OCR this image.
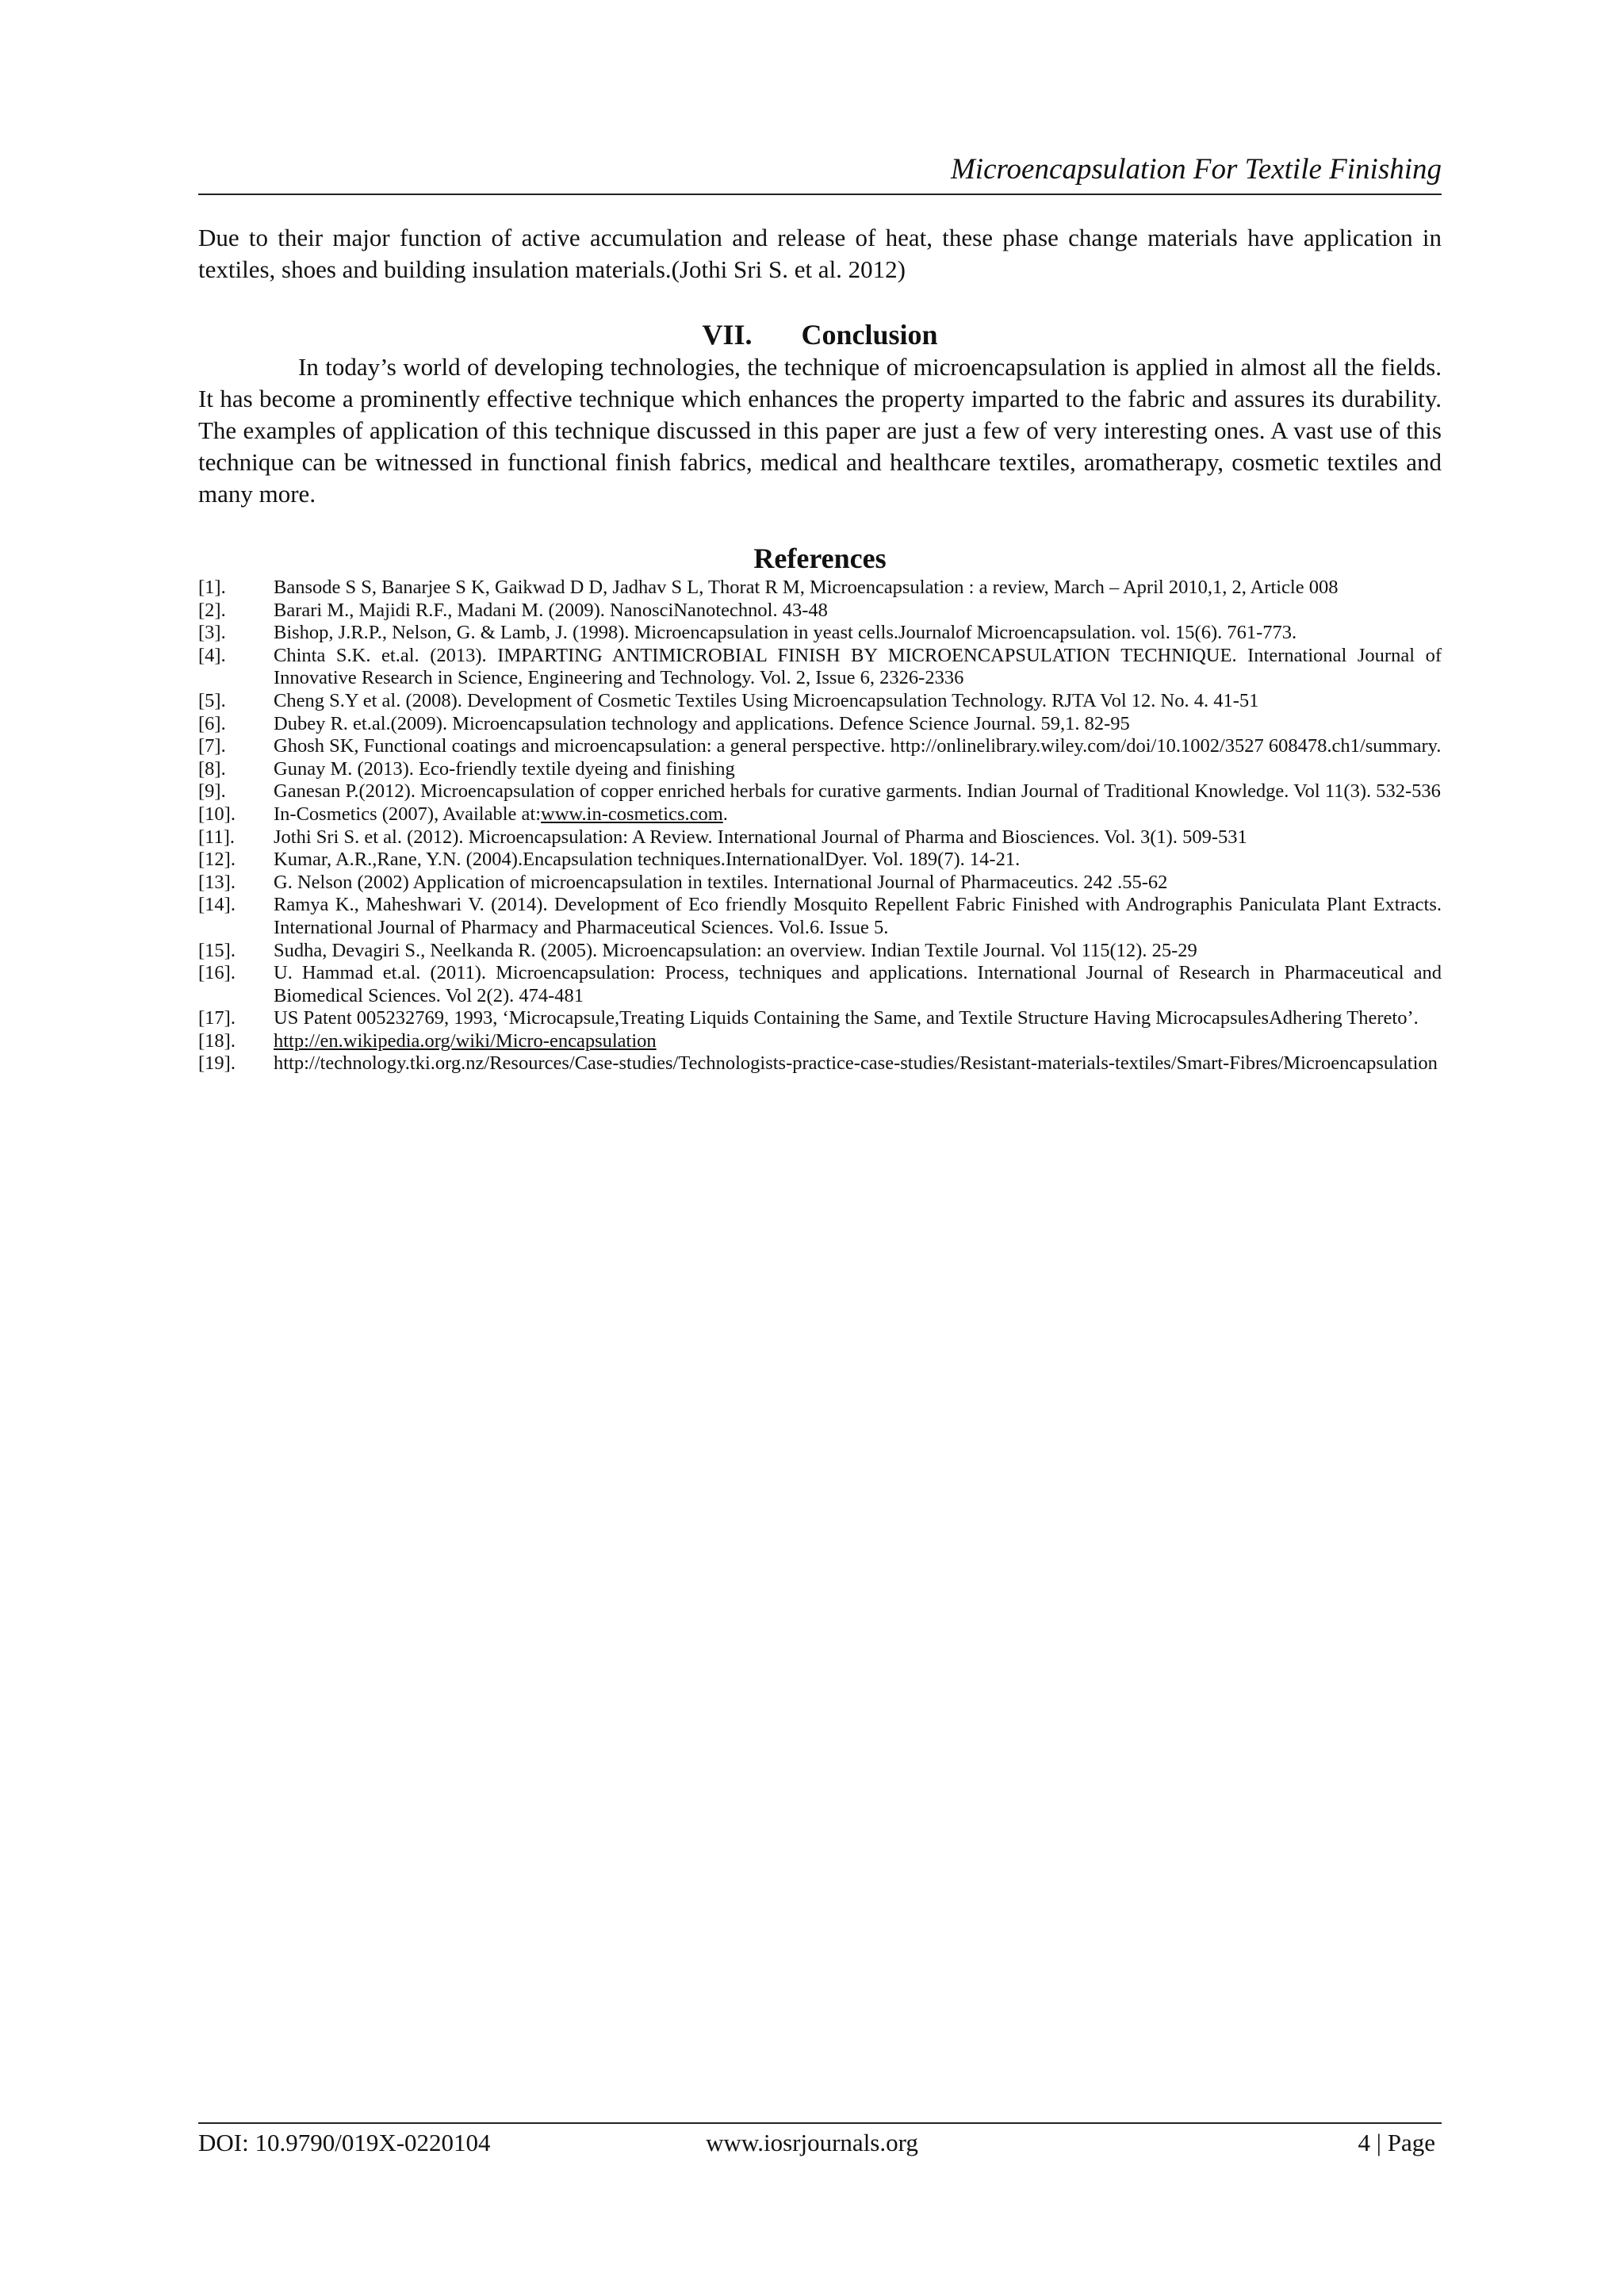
Microencapsulation For Textile Finishing

Due to their major function of active accumulation and release of heat, these phase change materials have application in textiles, shoes and building insulation materials.(Jothi Sri S. et al. 2012)

VII. Conclusion

In today’s world of developing technologies, the technique of microencapsulation is applied in almost all the fields. It has become a prominently effective technique which enhances the property imparted to the fabric and assures its durability. The examples of application of this technique discussed in this paper are just a few of very interesting ones. A vast use of this technique can be witnessed in functional finish fabrics, medical and healthcare textiles, aromatherapy, cosmetic textiles and many more.

References
[1].	Bansode S S, Banarjee S K, Gaikwad D D, Jadhav S L, Thorat R M, Microencapsulation : a review, March – April 2010,1, 2, Article 008
[2].	Barari M., Majidi R.F., Madani M. (2009). NanosciNanotechnol. 43-48
[3].	Bishop, J.R.P., Nelson, G. & Lamb, J. (1998). Microencapsulation in yeast cells.Journalof Microencapsulation. vol. 15(6). 761-773.
[4].	Chinta S.K. et.al. (2013). IMPARTING ANTIMICROBIAL FINISH BY MICROENCAPSULATION TECHNIQUE. International Journal of Innovative Research in Science, Engineering and Technology. Vol. 2, Issue 6, 2326-2336
[5].	Cheng S.Y et al. (2008). Development of Cosmetic Textiles Using Microencapsulation Technology. RJTA Vol 12. No. 4. 41-51
[6].	Dubey R. et.al.(2009). Microencapsulation technology and applications. Defence Science Journal. 59,1. 82-95
[7].	Ghosh SK, Functional coatings and microencapsulation: a general perspective. http://onlinelibrary.wiley.com/doi/10.1002/3527 608478.ch1/summary.
[8].	Gunay M. (2013). Eco-friendly textile dyeing and finishing
[9].	Ganesan P.(2012). Microencapsulation of copper enriched herbals for curative garments. Indian Journal of Traditional Knowledge. Vol 11(3). 532-536
[10].	In-Cosmetics (2007), Available at:www.in-cosmetics.com.
[11].	Jothi Sri S. et al. (2012). Microencapsulation: A Review. International Journal of Pharma and Biosciences. Vol. 3(1). 509-531
[12].	Kumar, A.R.,Rane, Y.N. (2004).Encapsulation techniques.InternationalDyer. Vol. 189(7). 14-21.
[13].	G. Nelson (2002) Application of microencapsulation in textiles. International Journal of Pharmaceutics. 242 .55-62
[14].	Ramya K., Maheshwari V. (2014). Development of Eco friendly Mosquito Repellent Fabric Finished with Andrographis Paniculata Plant Extracts. International Journal of Pharmacy and Pharmaceutical Sciences. Vol.6. Issue 5.
[15].	Sudha, Devagiri S., Neelkanda R. (2005). Microencapsulation: an overview. Indian Textile Journal. Vol 115(12). 25-29
[16].	U. Hammad et.al. (2011). Microencapsulation: Process, techniques and applications. International Journal of Research in Pharmaceutical and Biomedical Sciences. Vol 2(2). 474-481
[17].	US Patent 005232769, 1993, ‘Microcapsule,Treating Liquids Containing the Same, and Textile Structure Having MicrocapsulesAdhering Thereto’.
[18].	http://en.wikipedia.org/wiki/Micro-encapsulation
[19].	http://technology.tki.org.nz/Resources/Case-studies/Technologists-practice-case-studies/Resistant-materials-textiles/Smart-Fibres/Microencapsulation
DOI: 10.9790/019X-0220104	www.iosrjournals.org	4 | Page
